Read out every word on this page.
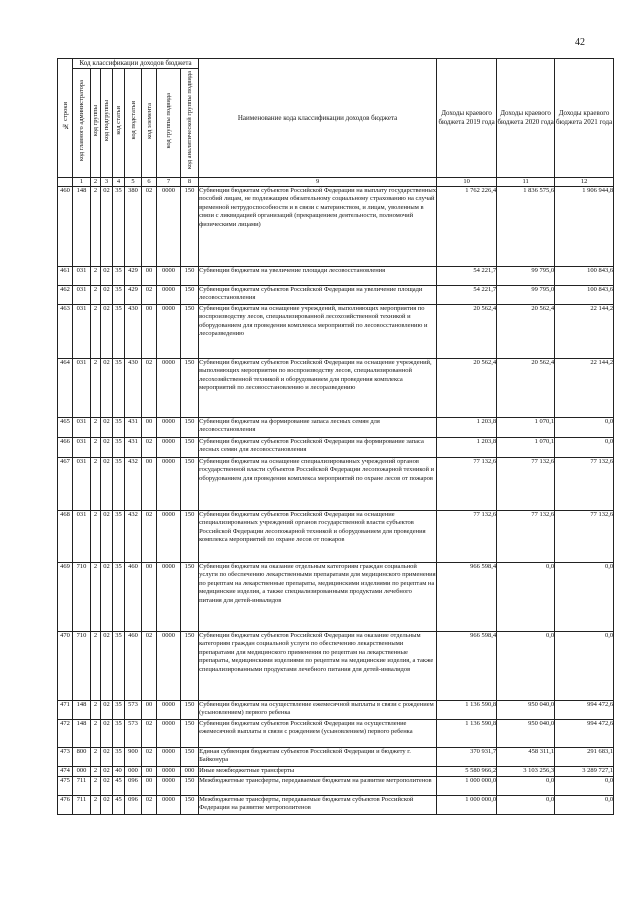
42
№ строки	Код классификации доходов бюджета								Наименование кода классификации доходов бюджета	Доходы краевого бюджета 2019 года	Доходы краевого бюджета 2020 года	Доходы краевого бюджета 2021 года
	код главного администратора	код группы	код подгруппы	код статьи	код подстатьи	код элемента	код группы подвида	код аналитической группы подвида				
	1	2	3	4	5	6	7	8	9	10	11	12
460	148	2	02	35	380	02	0000	150	Субвенции бюджетам субъектов Российской Федерации на выплату государственных пособий лицам, не подлежащим обязательному социальному страхованию на случай временной нетрудоспособности и в связи с материнством, и лицам, уволенным в связи с ликвидацией организаций (прекращением деятельности, полномочий физическими лицами)	1 762 226,4	1 836 575,6	1 906 944,8
461	031	2	02	35	429	00	0000	150	Субвенции бюджетам на увеличение площади лесовосстановления	54 221,7	99 795,0	100 843,6
462	031	2	02	35	429	02	0000	150	Субвенции бюджетам субъектов Российской Федерации на увеличение площади лесовосстановления	54 221,7	99 795,0	100 843,6
463	031	2	02	35	430	00	0000	150	Субвенции бюджетам на оснащение учреждений, выполняющих мероприятия по воспроизводству лесов, специализированной лесохозяйственной техникой и оборудованием для проведения комплекса мероприятий по лесовосстановлению и лесоразведению	20 562,4	20 562,4	22 144,2
464	031	2	02	35	430	02	0000	150	Субвенции бюджетам субъектов Российской Федерации на оснащение учреждений, выполняющих мероприятия по воспроизводству лесов, специализированной лесохозяйственной техникой и оборудованием для проведения комплекса мероприятий по лесовосстановлению и лесоразведению	20 562,4	20 562,4	22 144,2
465	031	2	02	35	431	00	0000	150	Субвенции бюджетам на формирование запаса лесных семян для лесовосстановления	1 203,8	1 070,1	0,0
466	031	2	02	35	431	02	0000	150	Субвенции бюджетам субъектов Российской Федерации на формирование запаса лесных семян для лесовосстановления	1 203,8	1 070,1	0,0
467	031	2	02	35	432	00	0000	150	Субвенции бюджетам на оснащение специализированных учреждений органов государственной власти субъектов Российской Федерации лесопожарной техникой и оборудованием для проведения комплекса мероприятий по охране лесов от пожаров	77 132,6	77 132,6	77 132,6
468	031	2	02	35	432	02	0000	150	Субвенции бюджетам субъектов Российской Федерации на оснащение специализированных учреждений органов государственной власти субъектов Российской Федерации лесопожарной техникой и оборудованием для проведения комплекса мероприятий по охране лесов от пожаров	77 132,6	77 132,6	77 132,6
469	710	2	02	35	460	00	0000	150	Субвенции бюджетам на оказание отдельным категориям граждан социальной услуги по обеспечению лекарственными препаратами для медицинского применения по рецептам на лекарственные препараты, медицинскими изделиями по рецептам на медицинские изделия, а также специализированными продуктами лечебного питания для детей-инвалидов	966 598,4	0,0	0,0
470	710	2	02	35	460	02	0000	150	Субвенции бюджетам субъектов Российской Федерации на оказание отдельным категориям граждан социальной услуги по обеспечению лекарственными препаратами для медицинского применения по рецептам на лекарственные препараты, медицинскими изделиями по рецептам на медицинские изделия, а также специализированными продуктами лечебного питания для детей-инвалидов	966 598,4	0,0	0,0
471	148	2	02	35	573	00	0000	150	Субвенции бюджетам на осуществление ежемесячной выплаты в связи с рождением (усыновлением) первого ребенка	1 136 590,8	950 040,0	994 472,6
472	148	2	02	35	573	02	0000	150	Субвенции бюджетам субъектов Российской Федерации на осуществление ежемесячной выплаты в связи с рождением (усыновлением) первого ребенка	1 136 590,8	950 040,0	994 472,6
473	800	2	02	35	900	02	0000	150	Единая субвенция бюджетам субъектов Российской Федерации и бюджету г. Байконура	370 931,7	458 311,1	291 683,1
474	000	2	02	40	000	00	0000	000	Иные межбюджетные трансферты	5 580 966,2	3 103 256,3	3 289 727,1
475	711	2	02	45	096	00	0000	150	Межбюджетные трансферты, передаваемые бюджетам на развитие метрополитенов	1 000 000,0	0,0	0,0
476	711	2	02	45	096	02	0000	150	Межбюджетные трансферты, передаваемые бюджетам субъектов Российской Федерации на развитие метрополитенов	1 000 000,0	0,0	0,0
